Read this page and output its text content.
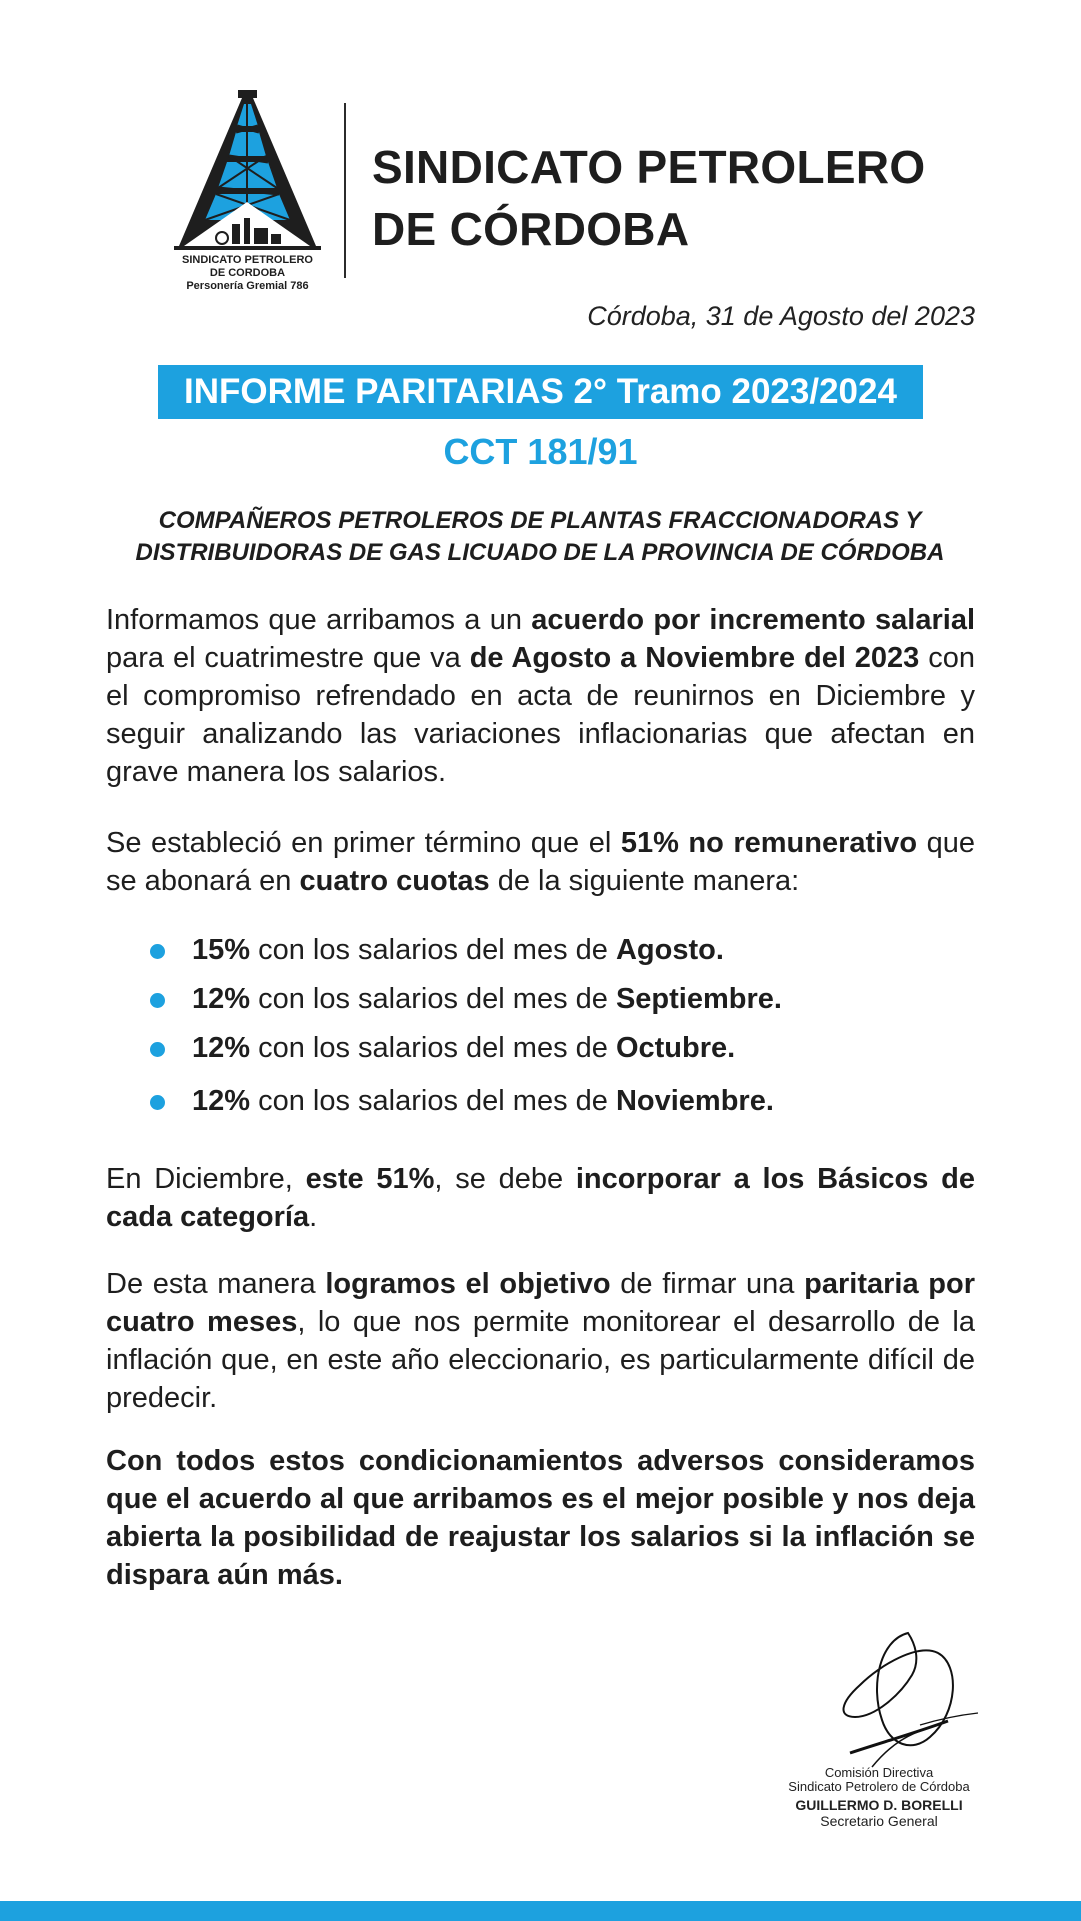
SINDICATO PETROLERO
DE CORDOBA
Personería Gremial 786
SINDICATO PETROLERO
DE CÓRDOBA
Córdoba, 31 de Agosto del 2023
INFORME PARITARIAS 2° Tramo 2023/2024
CCT 181/91
COMPAÑEROS PETROLEROS DE PLANTAS FRACCIONADORAS Y
DISTRIBUIDORAS DE GAS LICUADO DE LA PROVINCIA DE CÓRDOBA
Informamos que arribamos a un acuerdo por incremento salarial para el cuatrimestre que va de Agosto a Noviembre del 2023 con el compromiso refrendado en acta de reunirnos en Diciembre y seguir analizando las variaciones inflacionarias que afectan en grave manera los salarios.
Se estableció en primer término que el 51% no remunerativo que se abonará en cuatro cuotas de la siguiente manera:
15% con los salarios del mes de Agosto.
12% con los salarios del mes de Septiembre.
12% con los salarios del mes de Octubre.
12% con los salarios del mes de Noviembre.
En Diciembre, este 51%, se debe incorporar a los Básicos de cada categoría.
De esta manera logramos el objetivo de firmar una paritaria por cuatro meses, lo que nos permite monitorear el desarrollo de la inflación que, en este año eleccionario, es particularmente difícil de predecir.
Con todos estos condicionamientos adversos consideramos que el acuerdo al que arribamos es el mejor posible y nos deja abierta la posibilidad de reajustar los salarios si la inflación se dispara aún más.
Comisión Directiva
Sindicato Petrolero de Córdoba
GUILLERMO D. BORELLI
Secretario General
